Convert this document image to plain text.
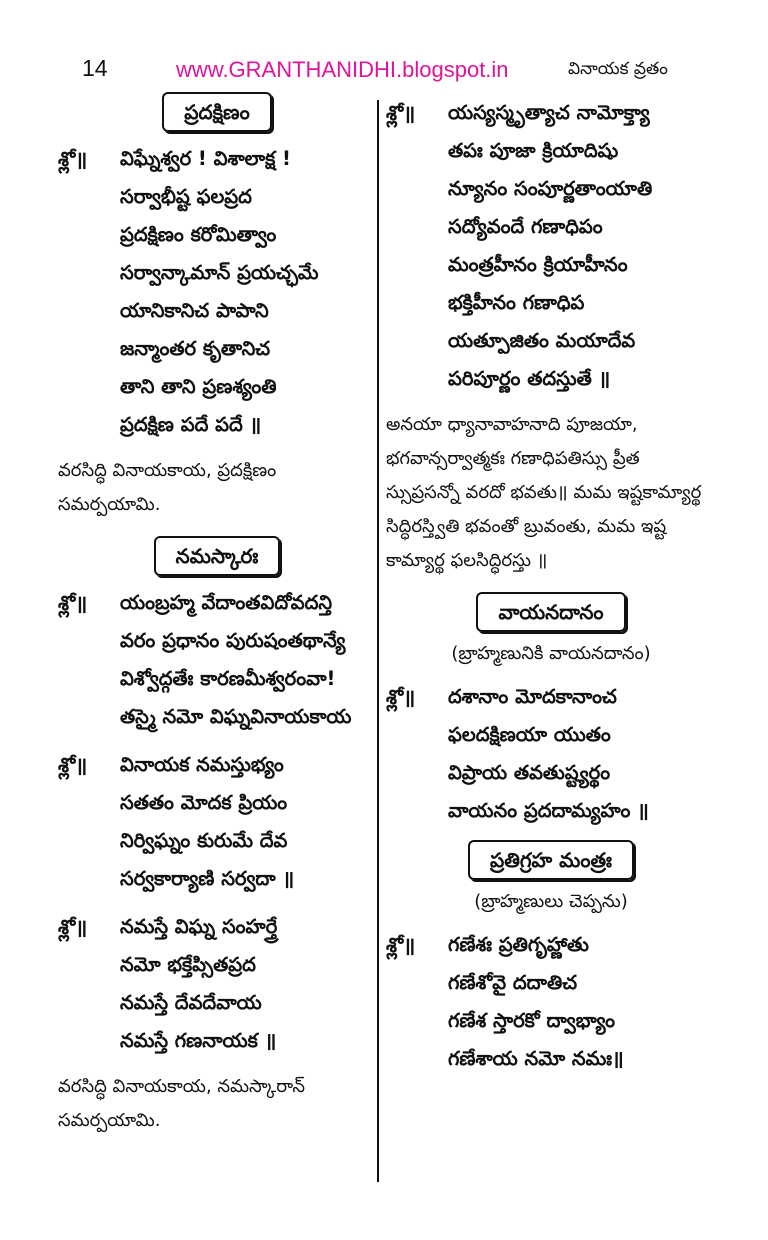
14	www.GRANTHANIDHI.blogspot.in	వినాయక వ్రతం
ప్రదక్షిణం
శ్లో॥	విఘ్నేశ్వర ! విశాలాక్ష !
సర్వాభీష్ట ఫలప్రద
ప్రదక్షిణం కరోమిత్వాం
సర్వాన్కామాన్ ప్రయచ్ఛమే
యానికానిచ పాపాని
జన్మాంతర కృతానిచ
తాని తాని ప్రణశ్యంతి
ప్రదక్షిణ పదే పదే ॥
వరసిద్ధి వినాయకాయ, ప్రదక్షిణం సమర్పయామి.
నమస్కారః
శ్లో॥	యంబ్రహ్మ వేదాంతవిదోవదన్తి
వరం ప్రధానం పురుషంతథాన్యే
విశ్వోద్గతేః కారణమీశ్వరంవా!
తస్మై నమో విఘ్నవినాయకాయ
శ్లో॥	వినాయక నమస్తుభ్యం
సతతం మోదక ప్రియం
నిర్విఘ్నం కురుమే దేవ
సర్వకార్యాణి సర్వదా ॥
శ్లో॥	నమస్తే విఘ్న సంహర్త్రే
నమో భక్తేప్సితప్రద
నమస్తే దేవదేవాయ
నమస్తే గణనాయక ॥
వరసిద్ధి వినాయకాయ, నమస్కారాన్ సమర్పయామి.
శ్లో॥	యస్యస్మృత్యాచ నామోక్త్యా
తపః పూజా క్రియాదిషు
న్యూనం సంపూర్ణతాంయాతి
సద్యోవందే గణాధిపం
మంత్రహీనం క్రియాహీనం
భక్తిహీనం గణాధిప
యత్పూజితం మయాదేవ
పరిపూర్ణం తదస్తుతే ॥
అనయా ధ్యానావాహనాది పూజయా, భగవాన్సర్వాత్మకః గణాధిపతిస్సు ప్రీత స్సుప్రసన్నో వరదో భవతు॥ మమ ఇష్టకామ్యార్థ సిద్ధిరస్త్వితి భవంతో బ్రువంతు, మమ ఇష్ట కామ్యార్థ ఫలసిద్ధిరస్తు ॥
వాయనదానం
(బ్రాహ్మణునికి వాయనదానం)
శ్లో॥	దశానాం మోదకానాంచ
ఫలదక్షిణయా యుతం
విప్రాయ తవతుష్ట్యర్థం
వాయనం ప్రదదామ్యహం ॥
ప్రతిగ్రహ మంత్రః
(బ్రాహ్మణులు చెప్పను)
శ్లో॥	గణేశః ప్రతిగృహ్ణాతు
గణేశోవై దదాతిచ
గణేశ స్తారకో ద్వాభ్యాం
గణేశాయ నమో నమః॥
